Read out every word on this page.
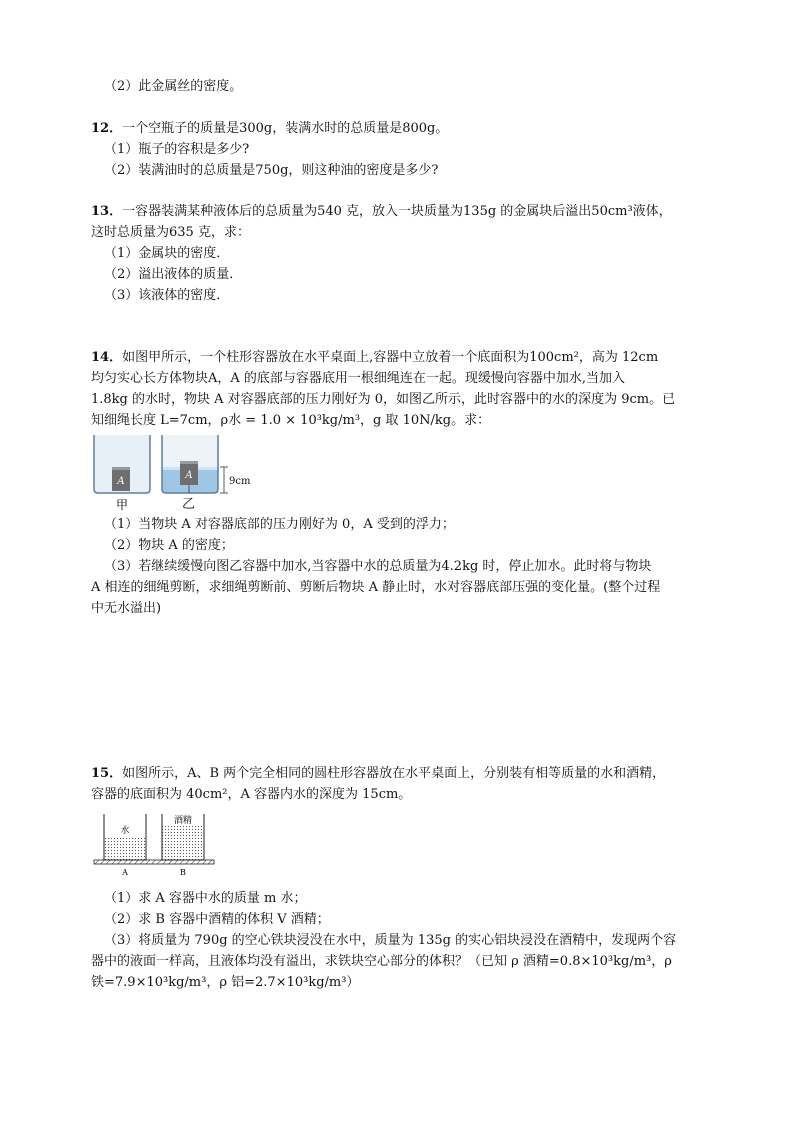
（2）此金属丝的密度。
12．一个空瓶子的质量是300g，装满水时的总质量是800g。
（1）瓶子的容积是多少?
（2）装满油时的总质量是750g，则这种油的密度是多少?
13．一容器装满某种液体后的总质量为540 克，放入一块质量为135g 的金属块后溢出50cm³液体，
这时总质量为635 克，求：
（1）金属块的密度．
（2）溢出液体的质量．
（3）该液体的密度．
14．如图甲所示，一个柱形容器放在水平桌面上,容器中立放着一个底面积为100cm²，高为 12cm
均匀实心长方体物块A，A 的底部与容器底用一根细绳连在一起。现缓慢向容器中加水,当加入
1.8kg 的水时，物块 A 对容器底部的压力刚好为 0，如图乙所示，此时容器中的水的深度为 9cm。已
知细绳长度 L=7cm，ρ水 = 1.0 × 10³kg/m³，g 取 10N/kg。求：
A
A
9cm
甲	乙
（1）当物块 A 对容器底部的压力刚好为 0，A 受到的浮力；
（2）物块 A 的密度；
（3）若继续缓慢向图乙容器中加水,当容器中水的总质量为4.2kg 时，停止加水。此时将与物块
A 相连的细绳剪断，求细绳剪断前、剪断后物块 A 静止时，水对容器底部压强的变化量。(整个过程
中无水溢出)
15．如图所示，A、B 两个完全相同的圆柱形容器放在水平桌面上，分别装有相等质量的水和酒精，
容器的底面积为 40cm²，A 容器内水的深度为 15cm。
水
酒精
A	B
（1）求 A 容器中水的质量 m 水；
（2）求 B 容器中酒精的体积 V 酒精；
（3）将质量为 790g 的空心铁块浸没在水中，质量为 135g 的实心铝块浸没在酒精中，发现两个容
器中的液面一样高，且液体均没有溢出，求铁块空心部分的体积？（已知 ρ 酒精=0.8×10³kg/m³，ρ
铁=7.9×10³kg/m³，ρ 铝=2.7×10³kg/m³）
